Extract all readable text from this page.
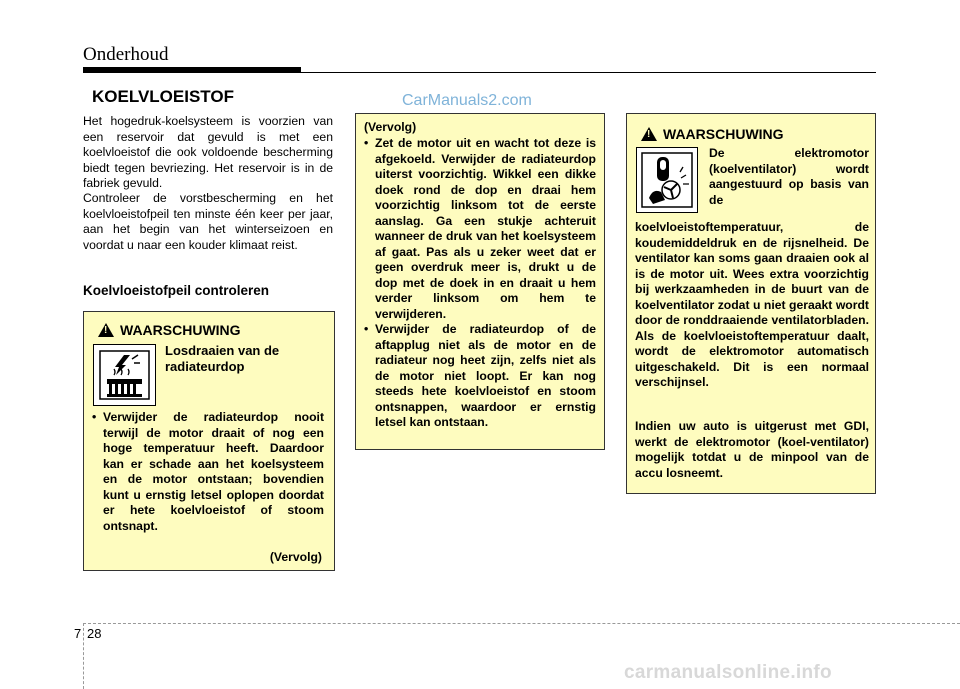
Onderhoud
KOELVLOEISTOF	CarManuals2.com
Het hogedruk-koelsysteem is voorzien van een reservoir dat gevuld is met een koelvloeistof die ook voldoende bescherming biedt tegen bevriezing. Het reservoir is in de fabriek gevuld.
Controleer de vorstbescherming en het koelvloeistofpeil ten minste één keer per jaar, aan het begin van het winterseizoen en voordat u naar een kouder klimaat reist.
Koelvloeistofpeil controleren
!
WAARSCHUWING
Losdraaien van de radiateurdop
• Verwijder de radiateurdop nooit terwijl de motor draait of nog een hoge temperatuur heeft. Daardoor kan er schade aan het koelsysteem en de motor ontstaan; bovendien kunt u ernstig letsel oplopen doordat er hete koelvloeistof of stoom ontsnapt.
(Vervolg)
(Vervolg)
• Zet de motor uit en wacht tot deze is afgekoeld. Verwijder de radiateurdop uiterst voorzichtig. Wikkel een dikke doek rond de dop en draai hem voorzichtig linksom tot de eerste aanslag. Ga een stukje achteruit wanneer de druk van het koelsysteem af gaat. Pas als u zeker weet dat er geen overdruk meer is, drukt u de dop met de doek in en draait u hem verder linksom om hem te verwijderen.
• Verwijder de radiateurdop of de aftapplug niet als de motor en de radiateur nog heet zijn, zelfs niet als de motor niet loopt. Er kan nog steeds hete koelvloeistof en stoom ontsnappen, waardoor er ernstig letsel kan ontstaan.
!
WAARSCHUWING
De elektromotor (koelventilator) wordt aangestuurd op basis van de
koelvloeistoftemperatuur, de koudemiddeldruk en de rijsnelheid. De ventilator kan soms gaan draaien ook al is de motor uit. Wees extra voorzichtig bij werkzaamheden in de buurt van de koelventilator zodat u niet geraakt wordt door de ronddraaiende ventilatorbladen. Als de koelvloeistoftemperatuur daalt, wordt de elektromotor automatisch uitgeschakeld. Dit is een normaal verschijnsel.
Indien uw auto is uitgerust met GDI, werkt de elektromotor (koel-ventilator) mogelijk totdat u de minpool van de accu losneemt.
7 28
carmanualsonline.info
